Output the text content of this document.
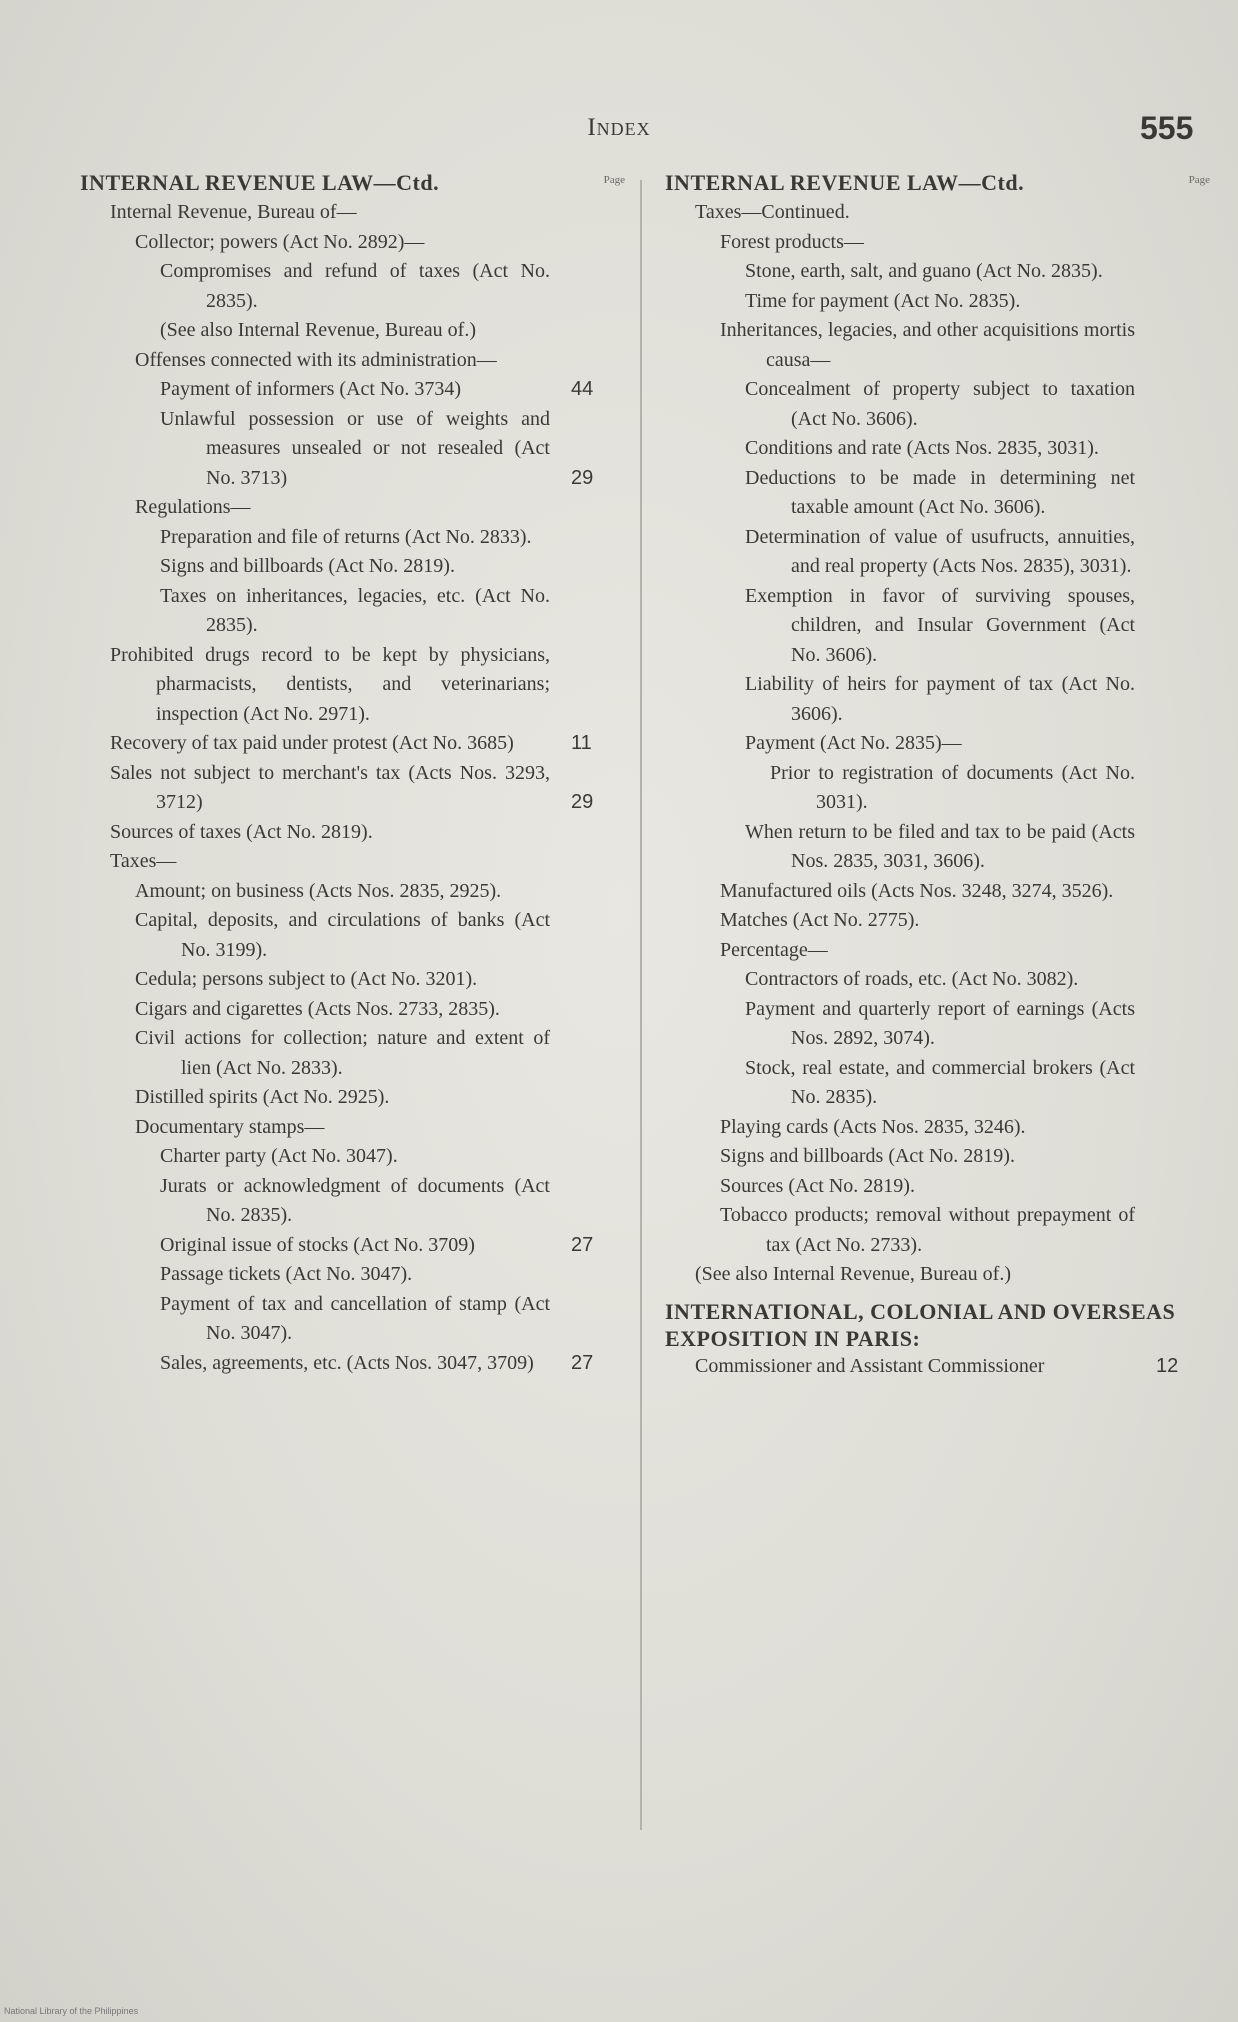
Index	555
INTERNAL REVENUE LAW—Ctd.	Page
Internal Revenue, Bureau of—
Collector; powers (Act No. 2892)—
Compromises and refund of taxes (Act No. 2835).
(See also Internal Revenue, Bureau of.)
Offenses connected with its administration—
Payment of informers (Act No. 3734)	44
Unlawful possession or use of weights and measures unsealed or not resealed (Act No. 3713)	29
Regulations—
Preparation and file of returns (Act No. 2833).
Signs and billboards (Act No. 2819).
Taxes on inheritances, legacies, etc. (Act No. 2835).
Prohibited drugs record to be kept by physicians, pharmacists, dentists, and veterinarians; inspection (Act No. 2971).
Recovery of tax paid under protest (Act No. 3685)	11
Sales not subject to merchant's tax (Acts Nos. 3293, 3712)	29
Sources of taxes (Act No. 2819).
Taxes—
Amount; on business (Acts Nos. 2835, 2925).
Capital, deposits, and circulations of banks (Act No. 3199).
Cedula; persons subject to (Act No. 3201).
Cigars and cigarettes (Acts Nos. 2733, 2835).
Civil actions for collection; nature and extent of lien (Act No. 2833).
Distilled spirits (Act No. 2925).
Documentary stamps—
Charter party (Act No. 3047).
Jurats or acknowledgment of documents (Act No. 2835).
Original issue of stocks (Act No. 3709)	27
Passage tickets (Act No. 3047).
Payment of tax and cancellation of stamp (Act No. 3047).
Sales, agreements, etc. (Acts Nos. 3047, 3709) 27
INTERNAL REVENUE LAW—Ctd.	Page
Taxes—Continued.
Forest products—
Stone, earth, salt, and guano (Act No. 2835).
Time for payment (Act No. 2835).
Inheritances, legacies, and other acquisitions mortis causa—
Concealment of property subject to taxation (Act No. 3606).
Conditions and rate (Acts Nos. 2835, 3031).
Deductions to be made in determining net taxable amount (Act No. 3606).
Determination of value of usufructs, annuities, and real property (Acts Nos. 2835), 3031).
Exemption in favor of surviving spouses, children, and Insular Government (Act No. 3606).
Liability of heirs for payment of tax (Act No. 3606).
Payment (Act No. 2835)—
Prior to registration of documents (Act No. 3031).
When return to be filed and tax to be paid (Acts Nos. 2835, 3031, 3606).
Manufactured oils (Acts Nos. 3248, 3274, 3526).
Matches (Act No. 2775).
Percentage—
Contractors of roads, etc. (Act No. 3082).
Payment and quarterly report of earnings (Acts Nos. 2892, 3074).
Stock, real estate, and commercial brokers (Act No. 2835).
Playing cards (Acts Nos. 2835, 3246).
Signs and billboards (Act No. 2819).
Sources (Act No. 2819).
Tobacco products; removal without prepayment of tax (Act No. 2733).
(See also Internal Revenue, Bureau of.)
INTERNATIONAL, COLONIAL AND OVERSEAS EXPOSITION IN PARIS:
Commissioner and Assistant Commissioner	12
National Library of the Philippines
